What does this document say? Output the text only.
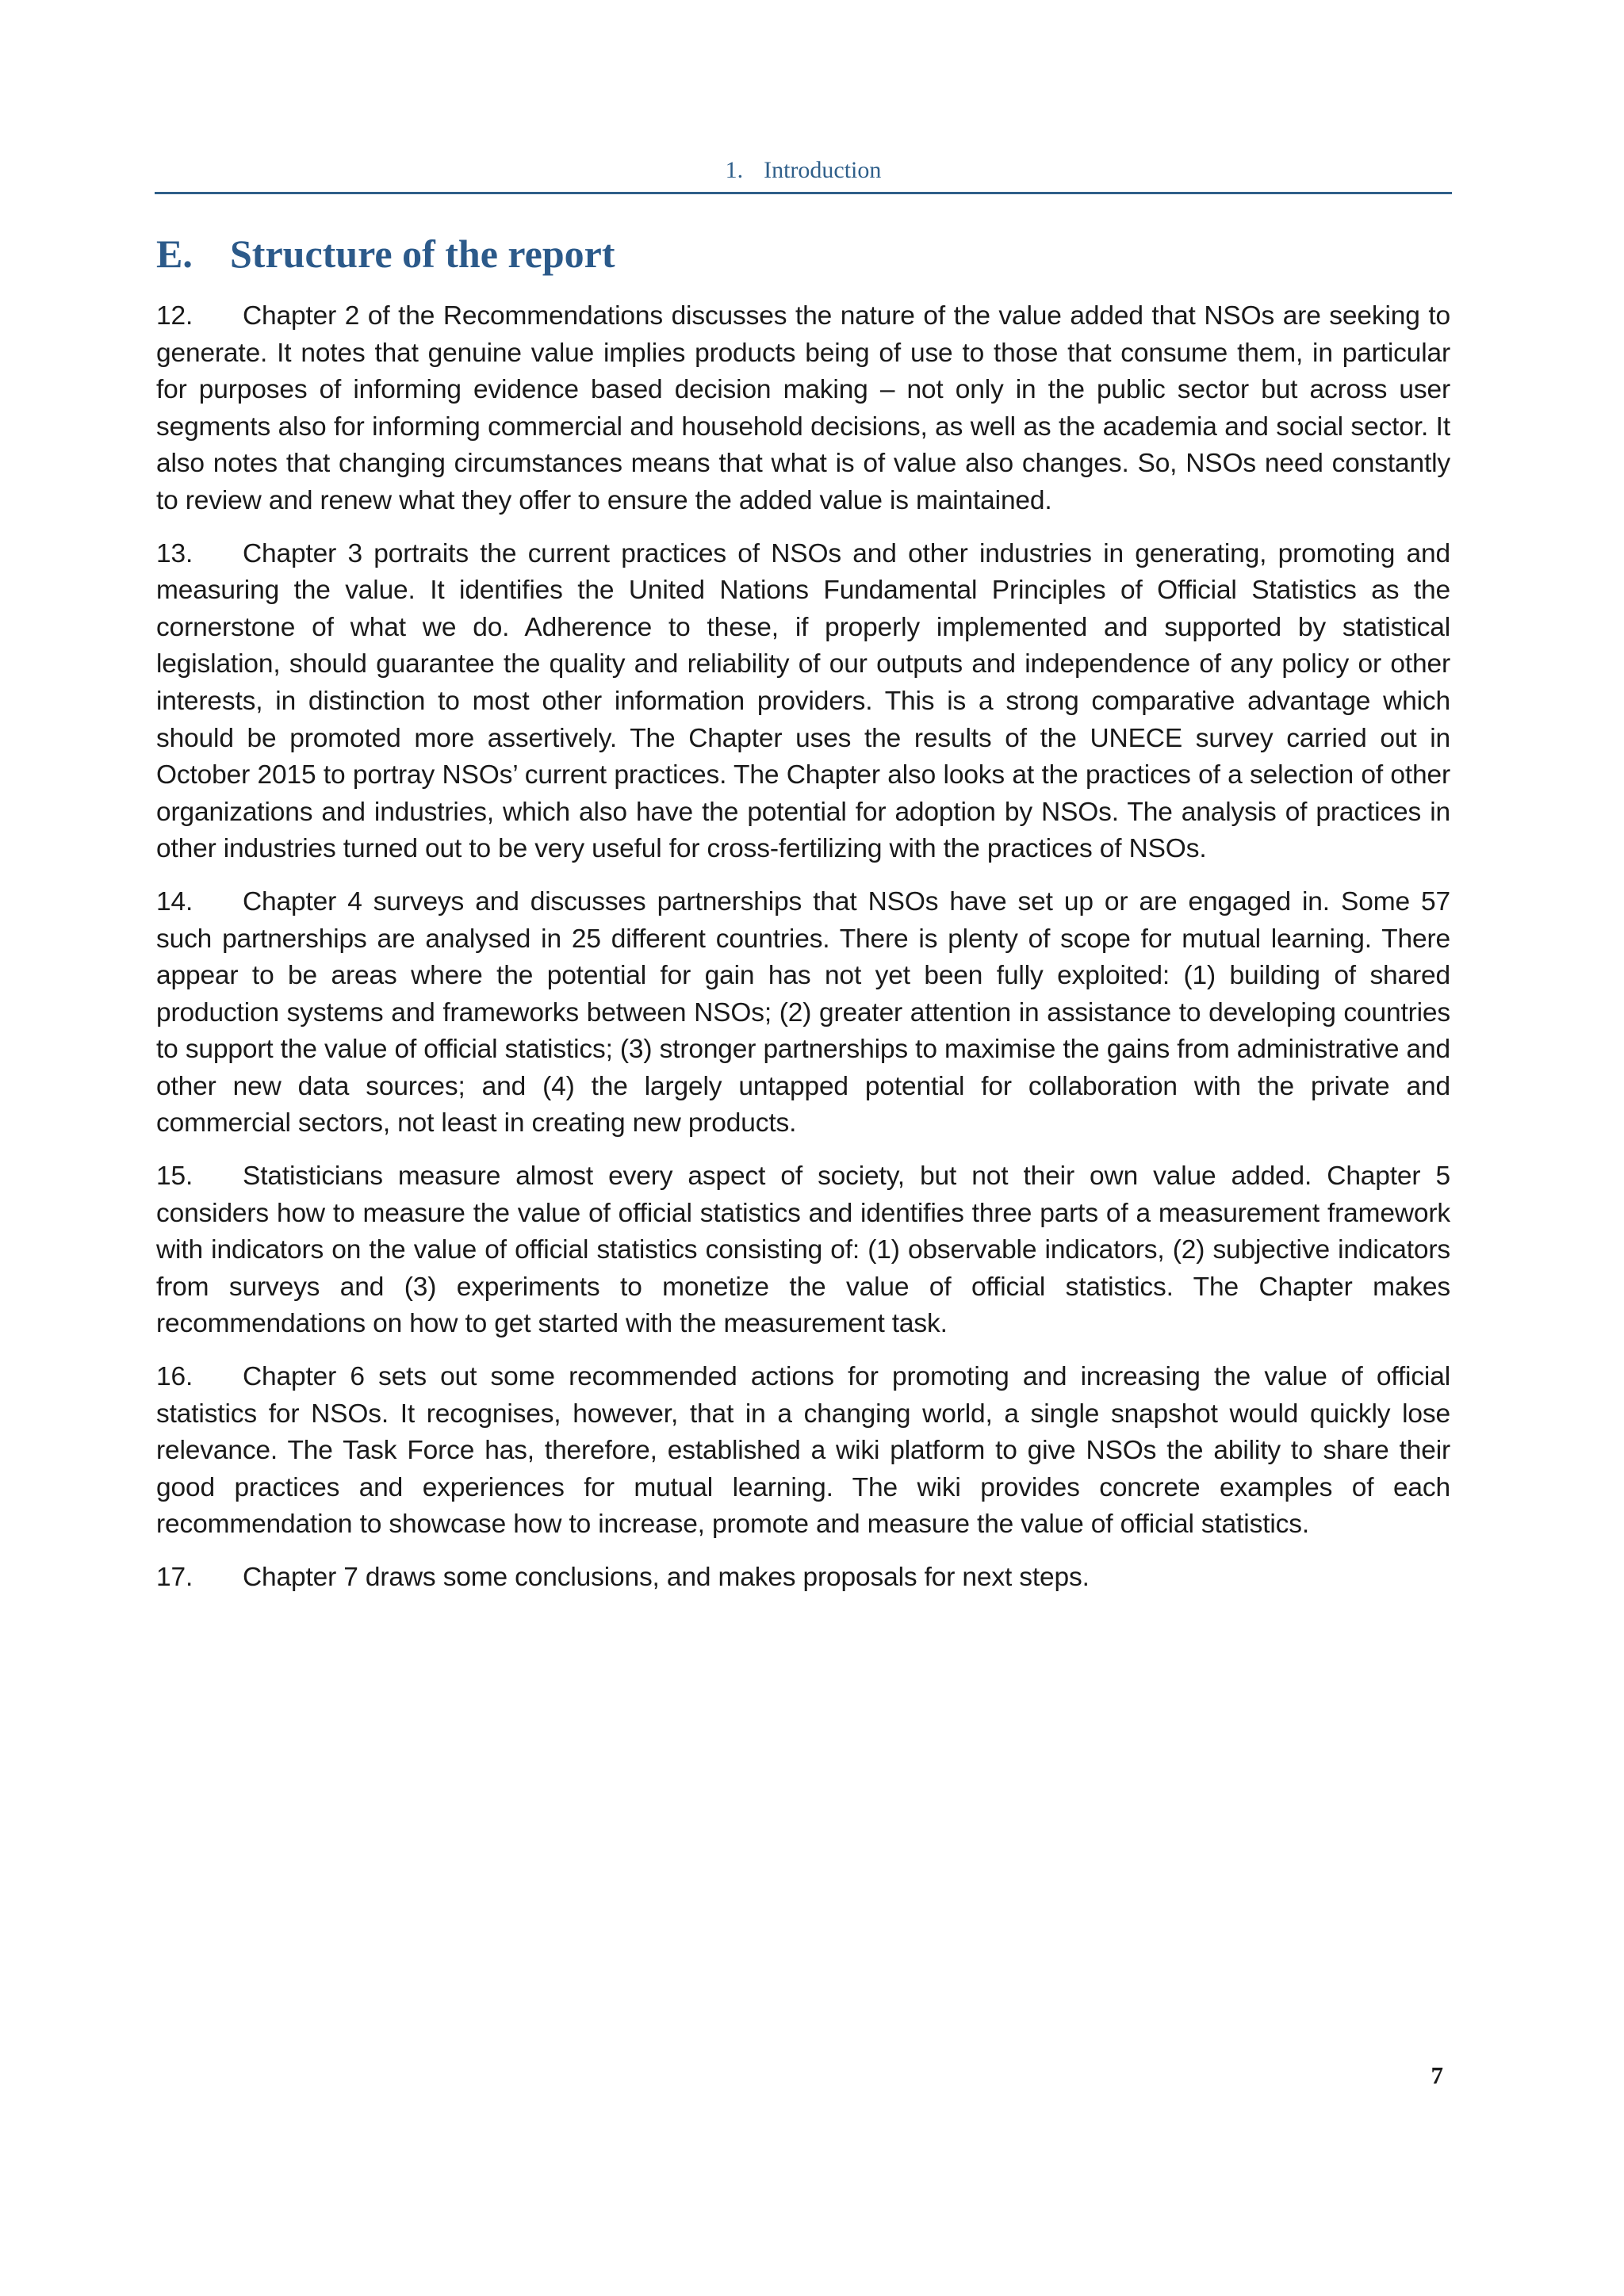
1. Introduction
E. Structure of the report

12. Chapter 2 of the Recommendations discusses the nature of the value added that NSOs are seeking to generate. It notes that genuine value implies products being of use to those that consume them, in particular for purposes of informing evidence based decision making – not only in the public sector but across user segments also for informing commercial and household decisions, as well as the academia and social sector. It also notes that changing circumstances means that what is of value also changes. So, NSOs need constantly to review and renew what they offer to ensure the added value is maintained.

13. Chapter 3 portraits the current practices of NSOs and other industries in generating, promoting and measuring the value. It identifies the United Nations Fundamental Principles of Official Statistics as the cornerstone of what we do. Adherence to these, if properly implemented and supported by statistical legislation, should guarantee the quality and reliability of our outputs and independence of any policy or other interests, in distinction to most other information providers. This is a strong comparative advantage which should be promoted more assertively. The Chapter uses the results of the UNECE survey carried out in October 2015 to portray NSOs’ current practices. The Chapter also looks at the practices of a selection of other organizations and industries, which also have the potential for adoption by NSOs. The analysis of practices in other industries turned out to be very useful for cross-fertilizing with the practices of NSOs.

14. Chapter 4 surveys and discusses partnerships that NSOs have set up or are engaged in. Some 57 such partnerships are analysed in 25 different countries. There is plenty of scope for mutual learning. There appear to be areas where the potential for gain has not yet been fully exploited: (1) building of shared production systems and frameworks between NSOs; (2) greater attention in assistance to developing countries to support the value of official statistics; (3) stronger partnerships to maximise the gains from administrative and other new data sources; and (4) the largely untapped potential for collaboration with the private and commercial sectors, not least in creating new products.

15. Statisticians measure almost every aspect of society, but not their own value added. Chapter 5 considers how to measure the value of official statistics and identifies three parts of a measurement framework with indicators on the value of official statistics consisting of: (1) observable indicators, (2) subjective indicators from surveys and (3) experiments to monetize the value of official statistics. The Chapter makes recommendations on how to get started with the measurement task.

16. Chapter 6 sets out some recommended actions for promoting and increasing the value of official statistics for NSOs. It recognises, however, that in a changing world, a single snapshot would quickly lose relevance. The Task Force has, therefore, established a wiki platform to give NSOs the ability to share their good practices and experiences for mutual learning. The wiki provides concrete examples of each recommendation to showcase how to increase, promote and measure the value of official statistics.

17. Chapter 7 draws some conclusions, and makes proposals for next steps.

7
